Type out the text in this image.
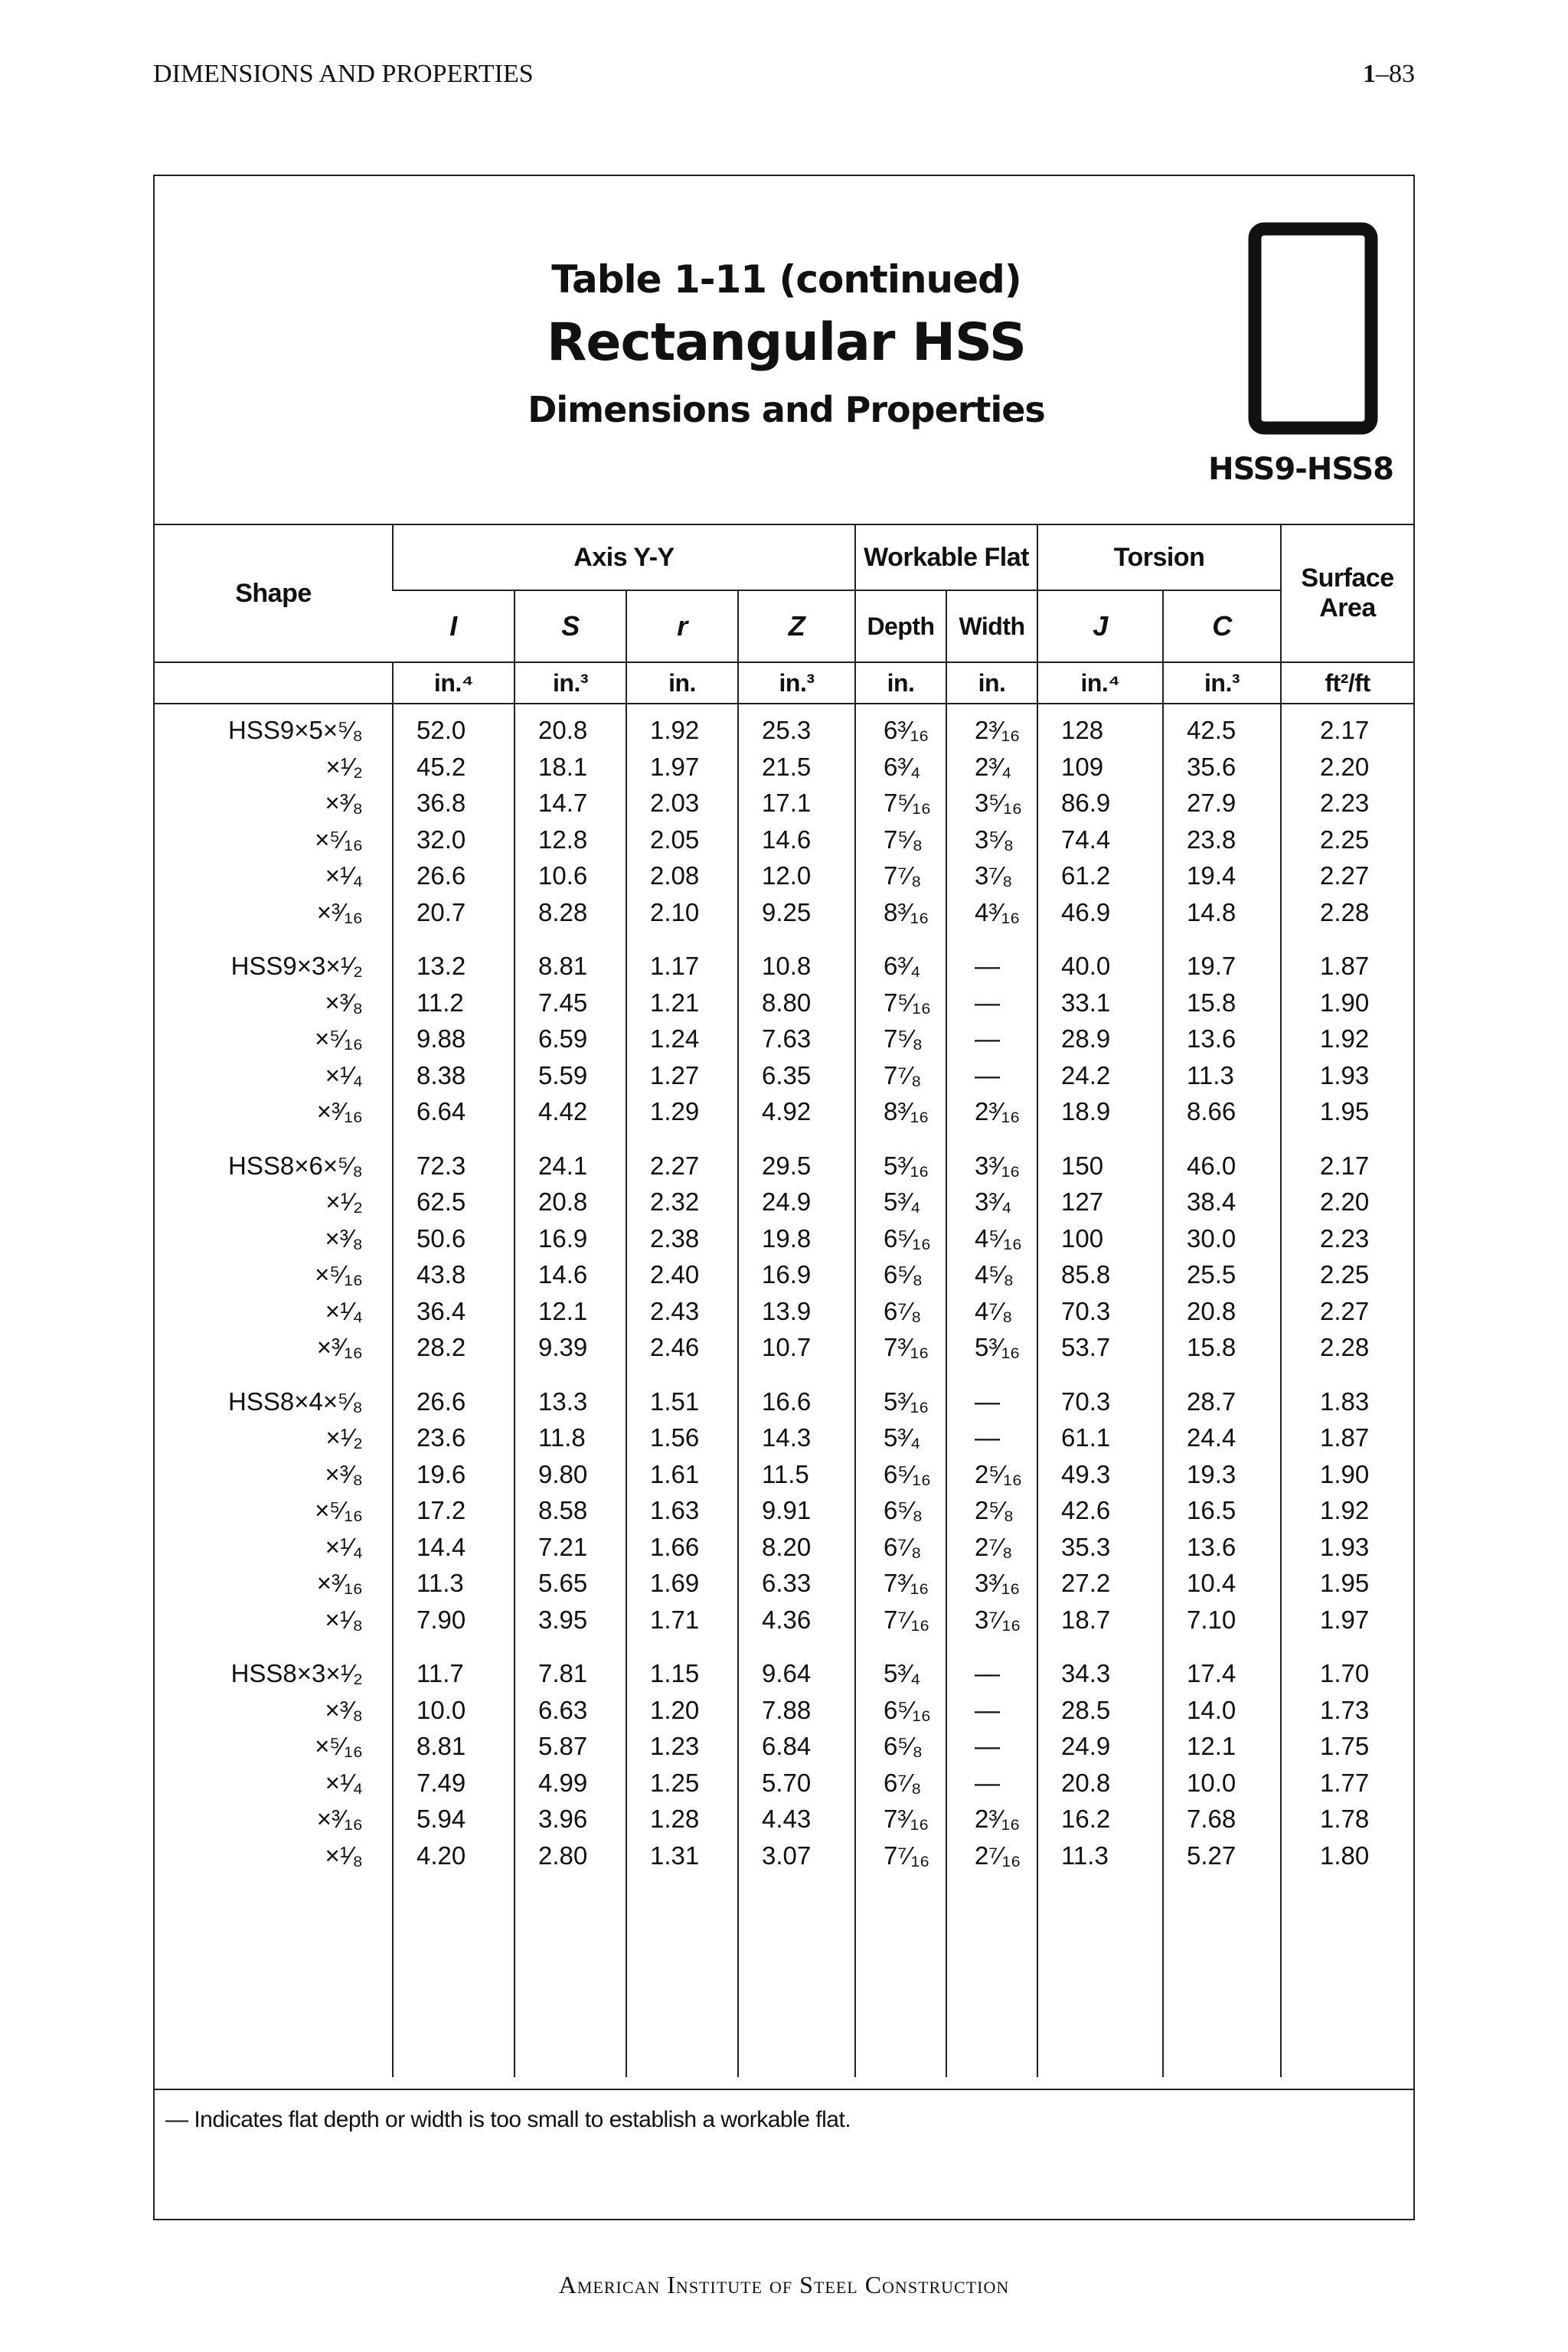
DIMENSIONS AND PROPERTIES	1–83
Table 1-11 (continued)
Rectangular HSS
Dimensions and Properties
HSS9-HSS8
Shape	Axis Y-Y				Workable Flat		Torsion		Surface Area
	I	S	r	Z	Depth	Width	J	C	
	in.⁴	in.³	in.	in.³	in.	in.	in.⁴	in.³	ft²/ft
HSS9×5×⁵⁄₈	52.0	20.8	1.92	25.3	6³⁄₁₆	2³⁄₁₆	128	42.5	2.17
×¹⁄₂	45.2	18.1	1.97	21.5	6³⁄₄	2³⁄₄	109	35.6	2.20
×³⁄₈	36.8	14.7	2.03	17.1	7⁵⁄₁₆	3⁵⁄₁₆	86.9	27.9	2.23
×⁵⁄₁₆	32.0	12.8	2.05	14.6	7⁵⁄₈	3⁵⁄₈	74.4	23.8	2.25
×¹⁄₄	26.6	10.6	2.08	12.0	7⁷⁄₈	3⁷⁄₈	61.2	19.4	2.27
×³⁄₁₆	20.7	8.28	2.10	9.25	8³⁄₁₆	4³⁄₁₆	46.9	14.8	2.28

HSS9×3×¹⁄₂	13.2	8.81	1.17	10.8	6³⁄₄	—	40.0	19.7	1.87
×³⁄₈	11.2	7.45	1.21	8.80	7⁵⁄₁₆	—	33.1	15.8	1.90
×⁵⁄₁₆	9.88	6.59	1.24	7.63	7⁵⁄₈	—	28.9	13.6	1.92
×¹⁄₄	8.38	5.59	1.27	6.35	7⁷⁄₈	—	24.2	11.3	1.93
×³⁄₁₆	6.64	4.42	1.29	4.92	8³⁄₁₆	2³⁄₁₆	18.9	8.66	1.95

HSS8×6×⁵⁄₈	72.3	24.1	2.27	29.5	5³⁄₁₆	3³⁄₁₆	150	46.0	2.17
×¹⁄₂	62.5	20.8	2.32	24.9	5³⁄₄	3³⁄₄	127	38.4	2.20
×³⁄₈	50.6	16.9	2.38	19.8	6⁵⁄₁₆	4⁵⁄₁₆	100	30.0	2.23
×⁵⁄₁₆	43.8	14.6	2.40	16.9	6⁵⁄₈	4⁵⁄₈	85.8	25.5	2.25
×¹⁄₄	36.4	12.1	2.43	13.9	6⁷⁄₈	4⁷⁄₈	70.3	20.8	2.27
×³⁄₁₆	28.2	9.39	2.46	10.7	7³⁄₁₆	5³⁄₁₆	53.7	15.8	2.28

HSS8×4×⁵⁄₈	26.6	13.3	1.51	16.6	5³⁄₁₆	—	70.3	28.7	1.83
×¹⁄₂	23.6	11.8	1.56	14.3	5³⁄₄	—	61.1	24.4	1.87
×³⁄₈	19.6	9.80	1.61	11.5	6⁵⁄₁₆	2⁵⁄₁₆	49.3	19.3	1.90
×⁵⁄₁₆	17.2	8.58	1.63	9.91	6⁵⁄₈	2⁵⁄₈	42.6	16.5	1.92
×¹⁄₄	14.4	7.21	1.66	8.20	6⁷⁄₈	2⁷⁄₈	35.3	13.6	1.93
×³⁄₁₆	11.3	5.65	1.69	6.33	7³⁄₁₆	3³⁄₁₆	27.2	10.4	1.95
×¹⁄₈	7.90	3.95	1.71	4.36	7⁷⁄₁₆	3⁷⁄₁₆	18.7	7.10	1.97

HSS8×3×¹⁄₂	11.7	7.81	1.15	9.64	5³⁄₄	—	34.3	17.4	1.70
×³⁄₈	10.0	6.63	1.20	7.88	6⁵⁄₁₆	—	28.5	14.0	1.73
×⁵⁄₁₆	8.81	5.87	1.23	6.84	6⁵⁄₈	—	24.9	12.1	1.75
×¹⁄₄	7.49	4.99	1.25	5.70	6⁷⁄₈	—	20.8	10.0	1.77
×³⁄₁₆	5.94	3.96	1.28	4.43	7³⁄₁₆	2³⁄₁₆	16.2	7.68	1.78
×¹⁄₈	4.20	2.80	1.31	3.07	7⁷⁄₁₆	2⁷⁄₁₆	11.3	5.27	1.80

— Indicates flat depth or width is too small to establish a workable flat.
American Institute of Steel Construction
